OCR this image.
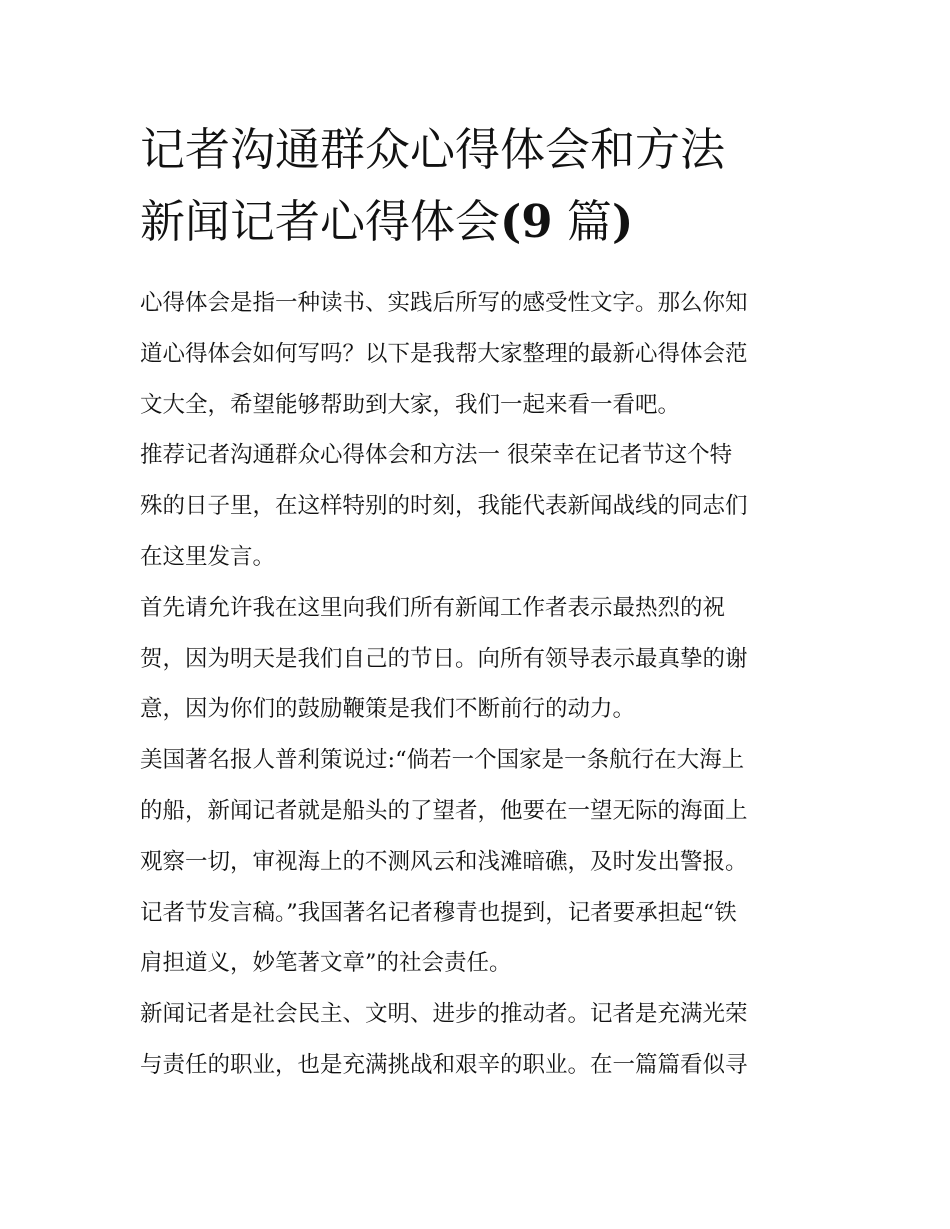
记者沟通群众心得体会和方法
新闻记者心得体会(9 篇)
心得体会是指一种读书、实践后所写的感受性文字。那么你知
道心得体会如何写吗？以下是我帮大家整理的最新心得体会范
文大全，希望能够帮助到大家，我们一起来看一看吧。
推荐记者沟通群众心得体会和方法一 很荣幸在记者节这个特
殊的日子里，在这样特别的时刻，我能代表新闻战线的同志们
在这里发言。
首先请允许我在这里向我们所有新闻工作者表示最热烈的祝
贺，因为明天是我们自己的节日。向所有领导表示最真挚的谢
意，因为你们的鼓励鞭策是我们不断前行的动力。
美国著名报人普利策说过:“倘若一个国家是一条航行在大海上
的船，新闻记者就是船头的了望者，他要在一望无际的海面上
观察一切，审视海上的不测风云和浅滩暗礁，及时发出警报。
记者节发言稿。”我国著名记者穆青也提到，记者要承担起“铁
肩担道义，妙笔著文章”的社会责任。
新闻记者是社会民主、文明、进步的推动者。记者是充满光荣
与责任的职业，也是充满挑战和艰辛的职业。在一篇篇看似寻
